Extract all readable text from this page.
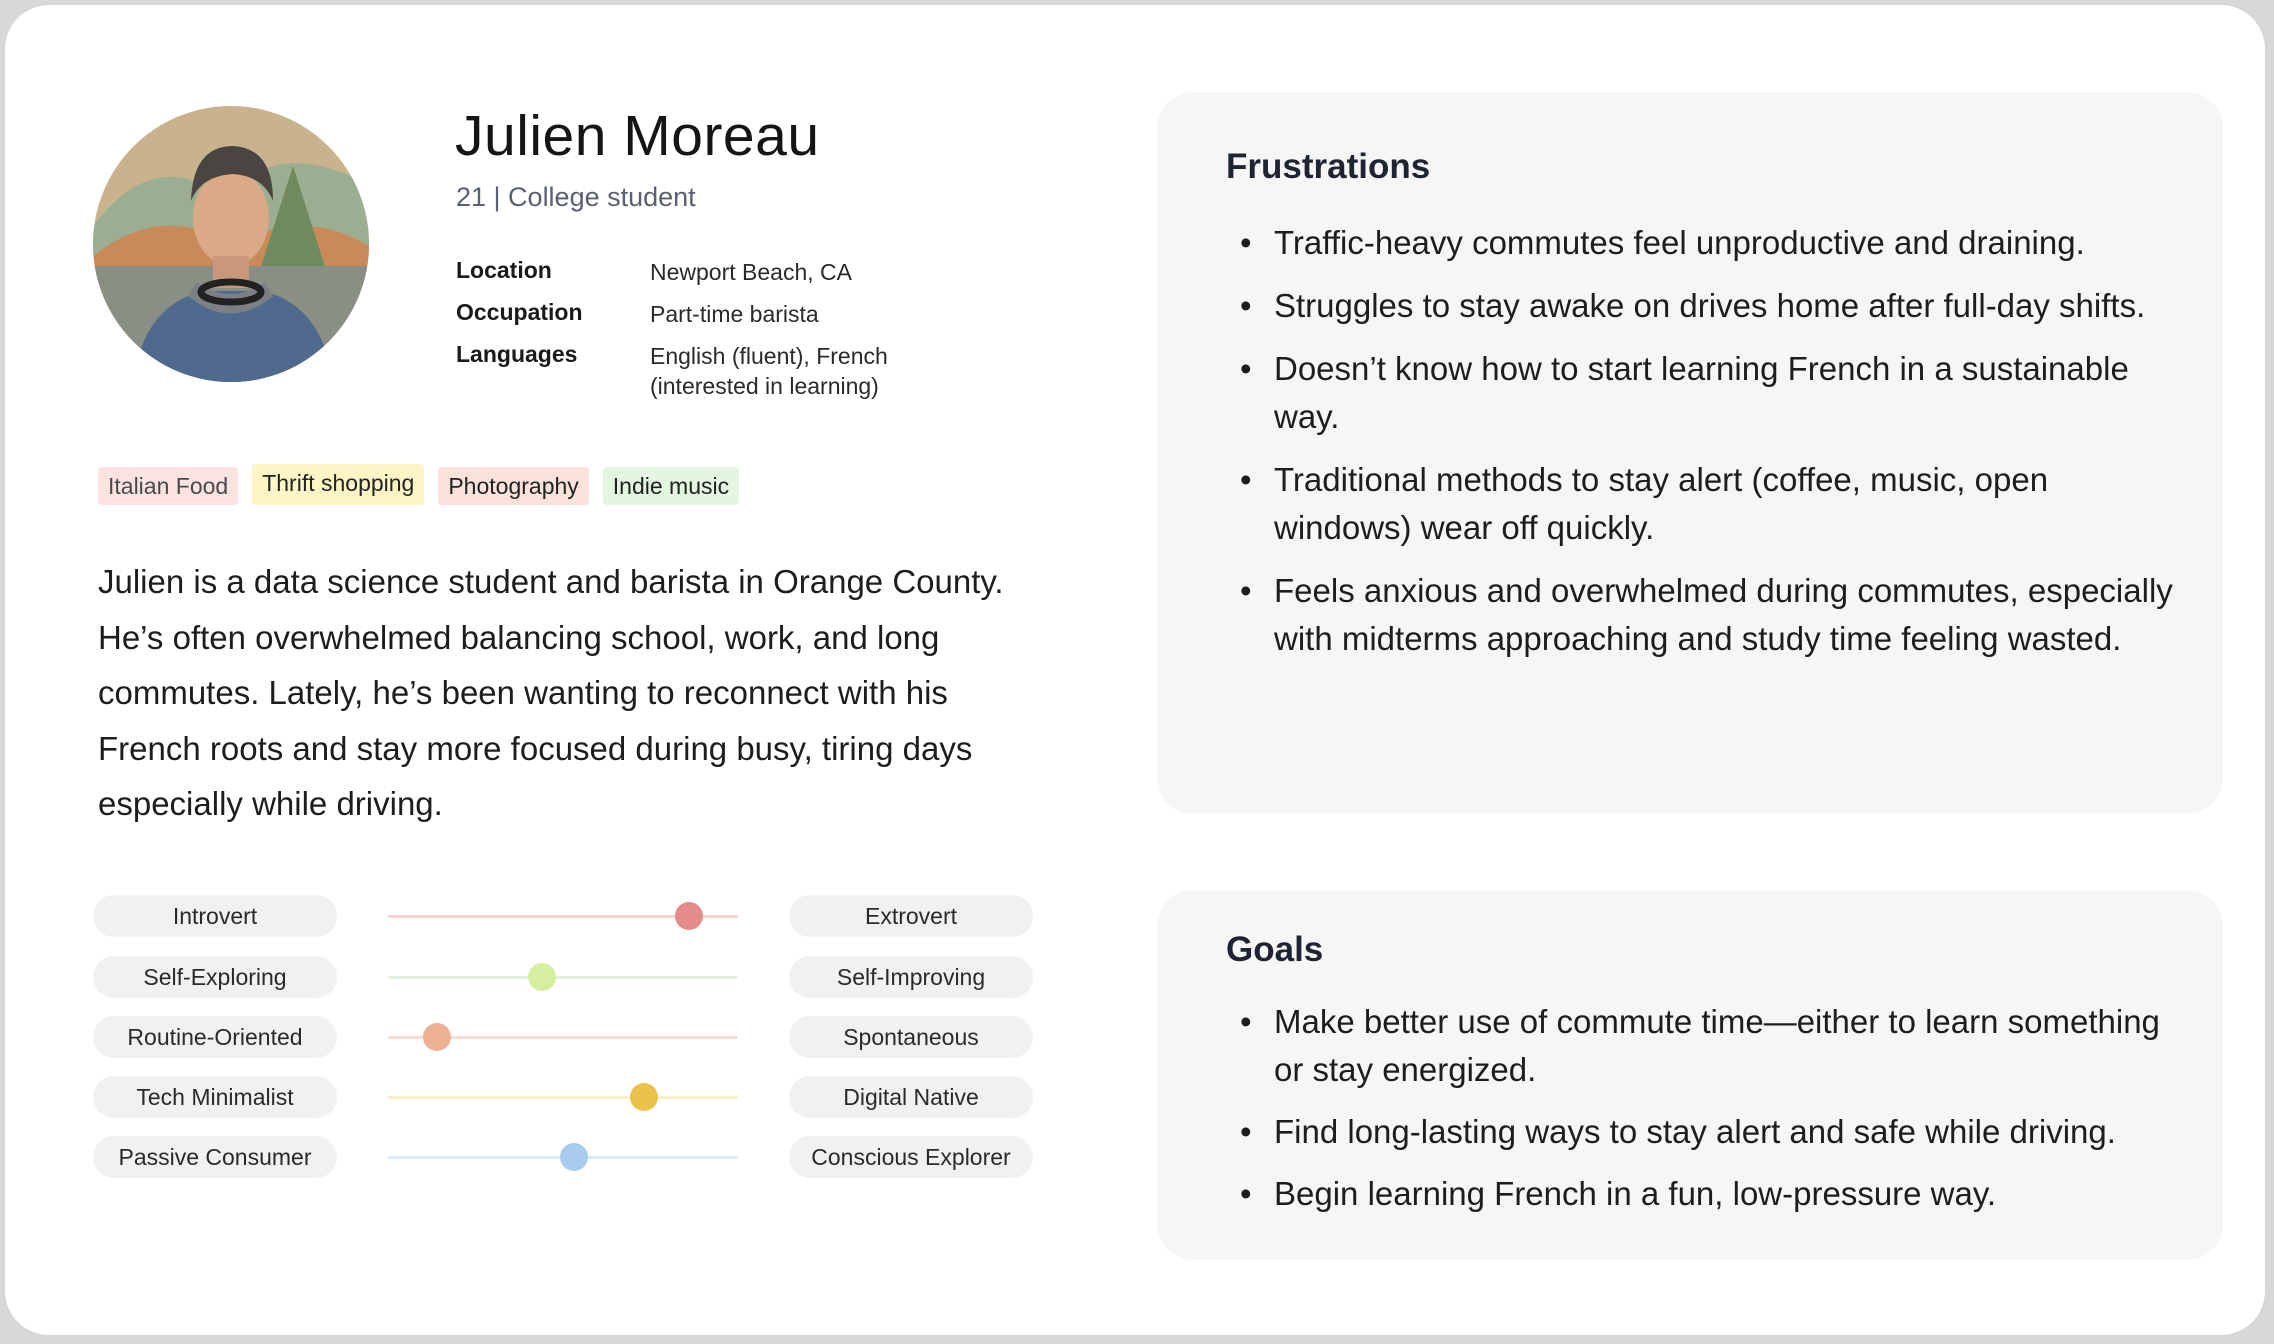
Julien Moreau
21 | College student
Location	Newport Beach, CA
Occupation	Part-time barista
Languages	English (fluent), French (interested in learning)
Italian Food	Thrift shopping	Photography	Indie music
Julien is a data science student and barista in Orange County. He’s often overwhelmed balancing school, work, and long commutes. Lately, he’s been wanting to reconnect with his French roots and stay more focused during busy, tiring days especially while driving.
Introvert	Extrovert
Self-Exploring	Self-Improving
Routine-Oriented	Spontaneous
Tech Minimalist	Digital Native
Passive Consumer	Conscious Explorer
Frustrations
• Traffic-heavy commutes feel unproductive and draining.
• Struggles to stay awake on drives home after full-day shifts.
• Doesn’t know how to start learning French in a sustainable way.
• Traditional methods to stay alert (coffee, music, open windows) wear off quickly.
• Feels anxious and overwhelmed during commutes, especially with midterms approaching and study time feeling wasted.
Goals
• Make better use of commute time—either to learn something or stay energized.
• Find long-lasting ways to stay alert and safe while driving.
• Begin learning French in a fun, low-pressure way.
